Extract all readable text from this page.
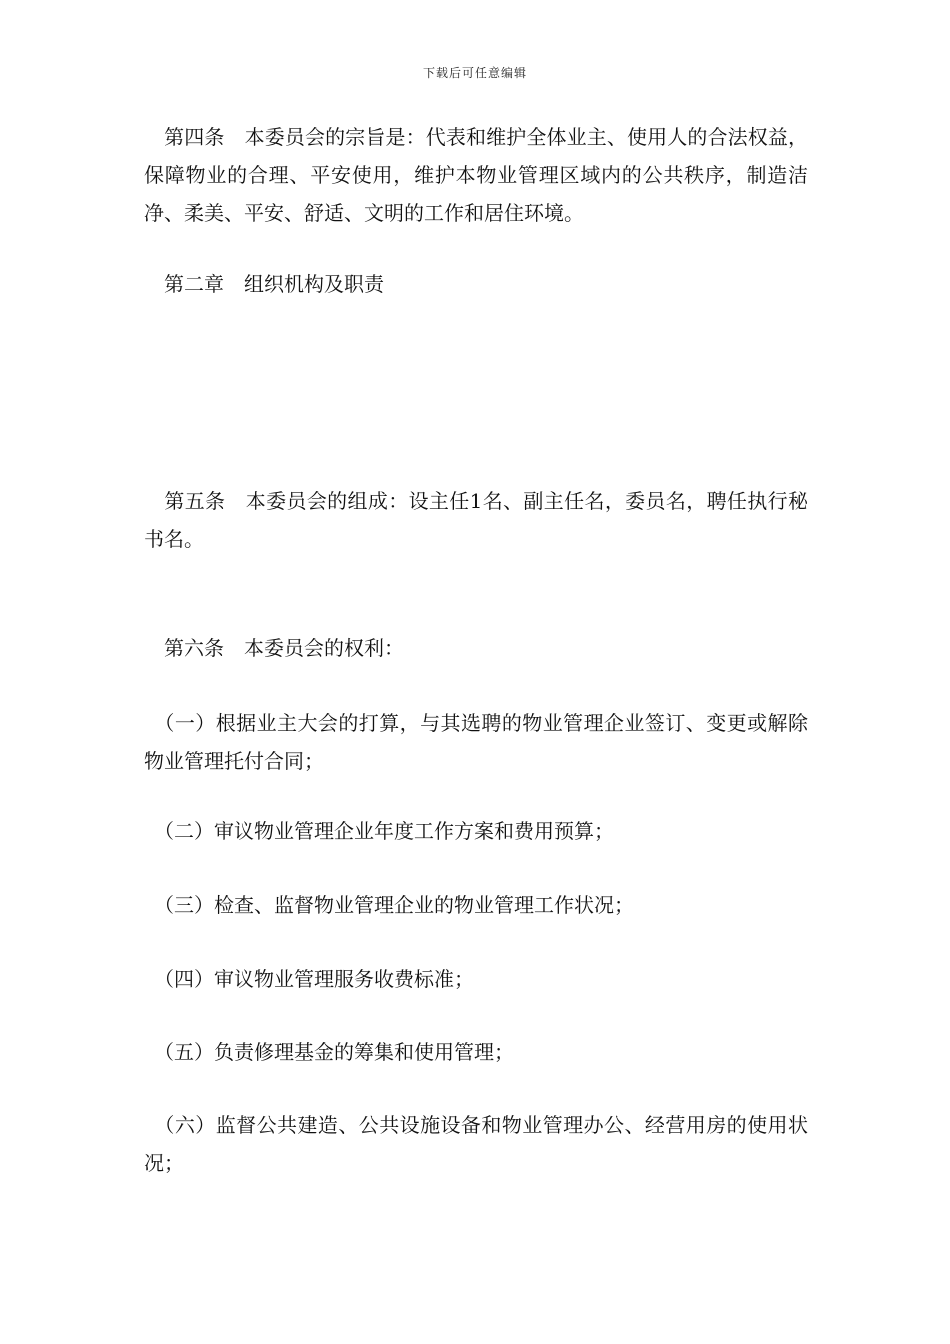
下载后可任意编辑

　第四条　本委员会的宗旨是：代表和维护全体业主、使用人的合法权益，保障物业的合理、平安使用，维护本物业管理区域内的公共秩序，制造洁净、柔美、平安、舒适、文明的工作和居住环境。

　第二章　组织机构及职责

　第五条　本委员会的组成：设主任1名、副主任名，委员名，聘任执行秘书名。

　第六条　本委员会的权利：

　（一）根据业主大会的打算，与其选聘的物业管理企业签订、变更或解除物业管理托付合同；

　（二）审议物业管理企业年度工作方案和费用预算；

　（三）检查、监督物业管理企业的物业管理工作状况；

　（四）审议物业管理服务收费标准；

　（五）负责修理基金的筹集和使用管理；

　（六）监督公共建造、公共设施设备和物业管理办公、经营用房的使用状况；
